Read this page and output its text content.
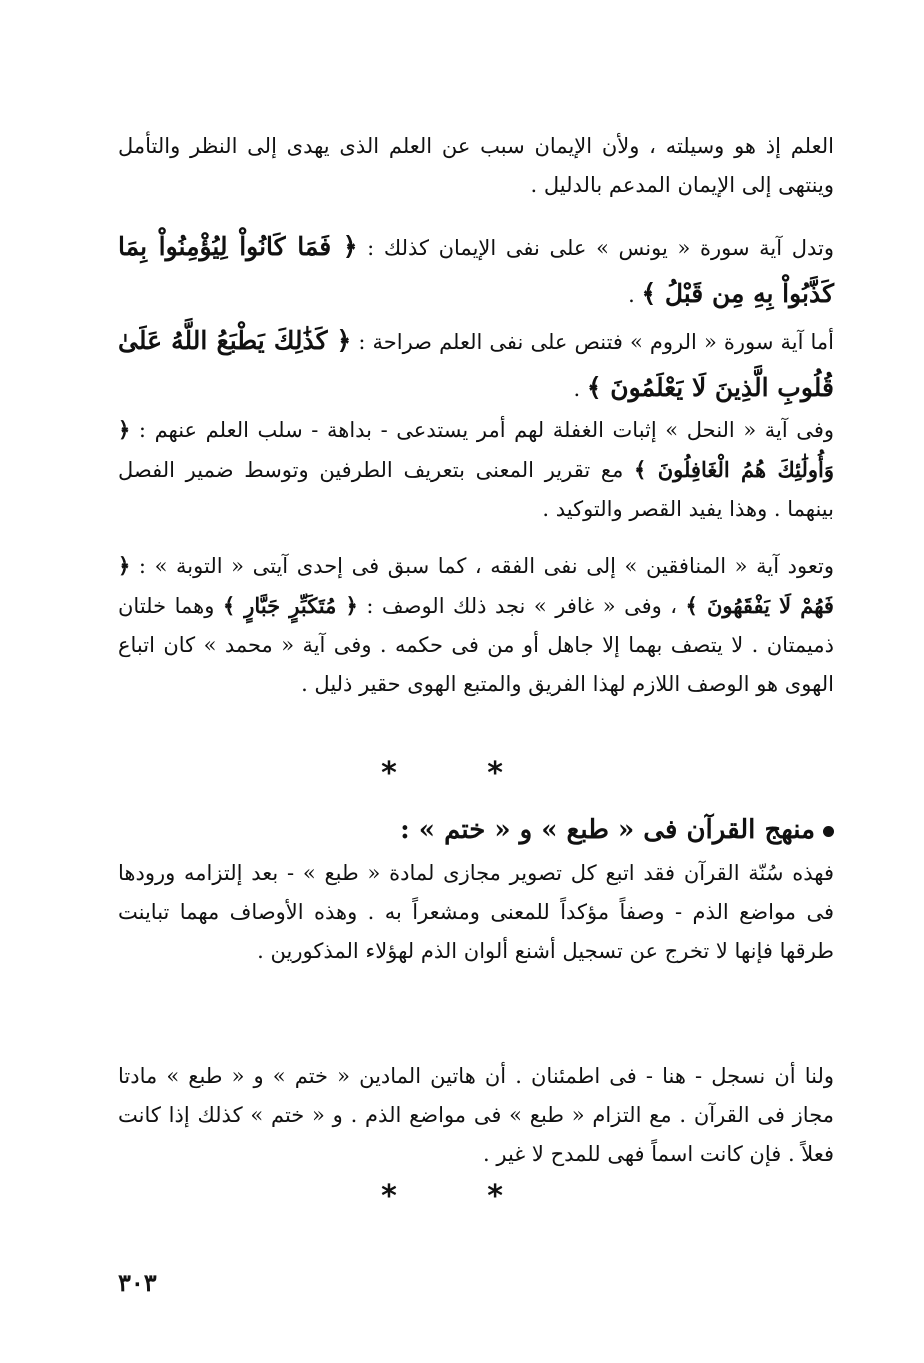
العلم إذ هو وسيلته ، ولأن الإيمان سبب عن العلم الذى يهدى إلى النظر والتأمل وينتهى إلى الإيمان المدعم بالدليل .

وتدل آية سورة « يونس » على نفى الإيمان كذلك : ﴿ فَمَا كَانُواْ لِيُؤْمِنُواْ بِمَا كَذَّبُواْ بِهِ مِن قَبْلُ ﴾ .

أما آية سورة « الروم » فتنص على نفى العلم صراحة : ﴿ كَذَٰلِكَ يَطْبَعُ اللَّهُ عَلَىٰ قُلُوبِ الَّذِينَ لَا يَعْلَمُونَ ﴾ .

وفى آية « النحل » إثبات الغفلة لهم أمر يستدعى - بداهة - سلب العلم عنهم : ﴿ وَأُولَٰئِكَ هُمُ الْغَافِلُونَ ﴾ مع تقرير المعنى بتعريف الطرفين وتوسط ضمير الفصل بينهما . وهذا يفيد القصر والتوكيد .

وتعود آية « المنافقين » إلى نفى الفقه ، كما سبق فى إحدى آيتى « التوبة » : ﴿ فَهُمْ لَا يَفْقَهُونَ ﴾ ، وفى « غافر » نجد ذلك الوصف : ﴿ مُتَكَبِّرٍ جَبَّارٍ ﴾ وهما خلتان ذميمتان . لا يتصف بهما إلا جاهل أو من فى حكمه . وفى آية « محمد » كان اتباع الهوى هو الوصف اللازم لهذا الفريق والمتبع الهوى حقير ذليل .

* *
منهج القرآن فى « طبع » و « ختم » :

فهذه سُنّة القرآن فقد اتبع كل تصوير مجازى لمادة « طبع » - بعد إلتزامه ورودها فى مواضع الذم - وصفاً مؤكداً للمعنى ومشعراً به . وهذه الأوصاف مهما تباينت طرقها فإنها لا تخرج عن تسجيل أشنع ألوان الذم لهؤلاء المذكورين .

ولنا أن نسجل - هنا - فى اطمئنان . أن هاتين المادين « ختم » و « طبع » مادتا مجاز فى القرآن . مع التزام « طبع » فى مواضع الذم . و « ختم » كذلك إذا كانت فعلاً . فإن كانت اسماً فهى للمدح لا غير .

* *
٣٠٣
